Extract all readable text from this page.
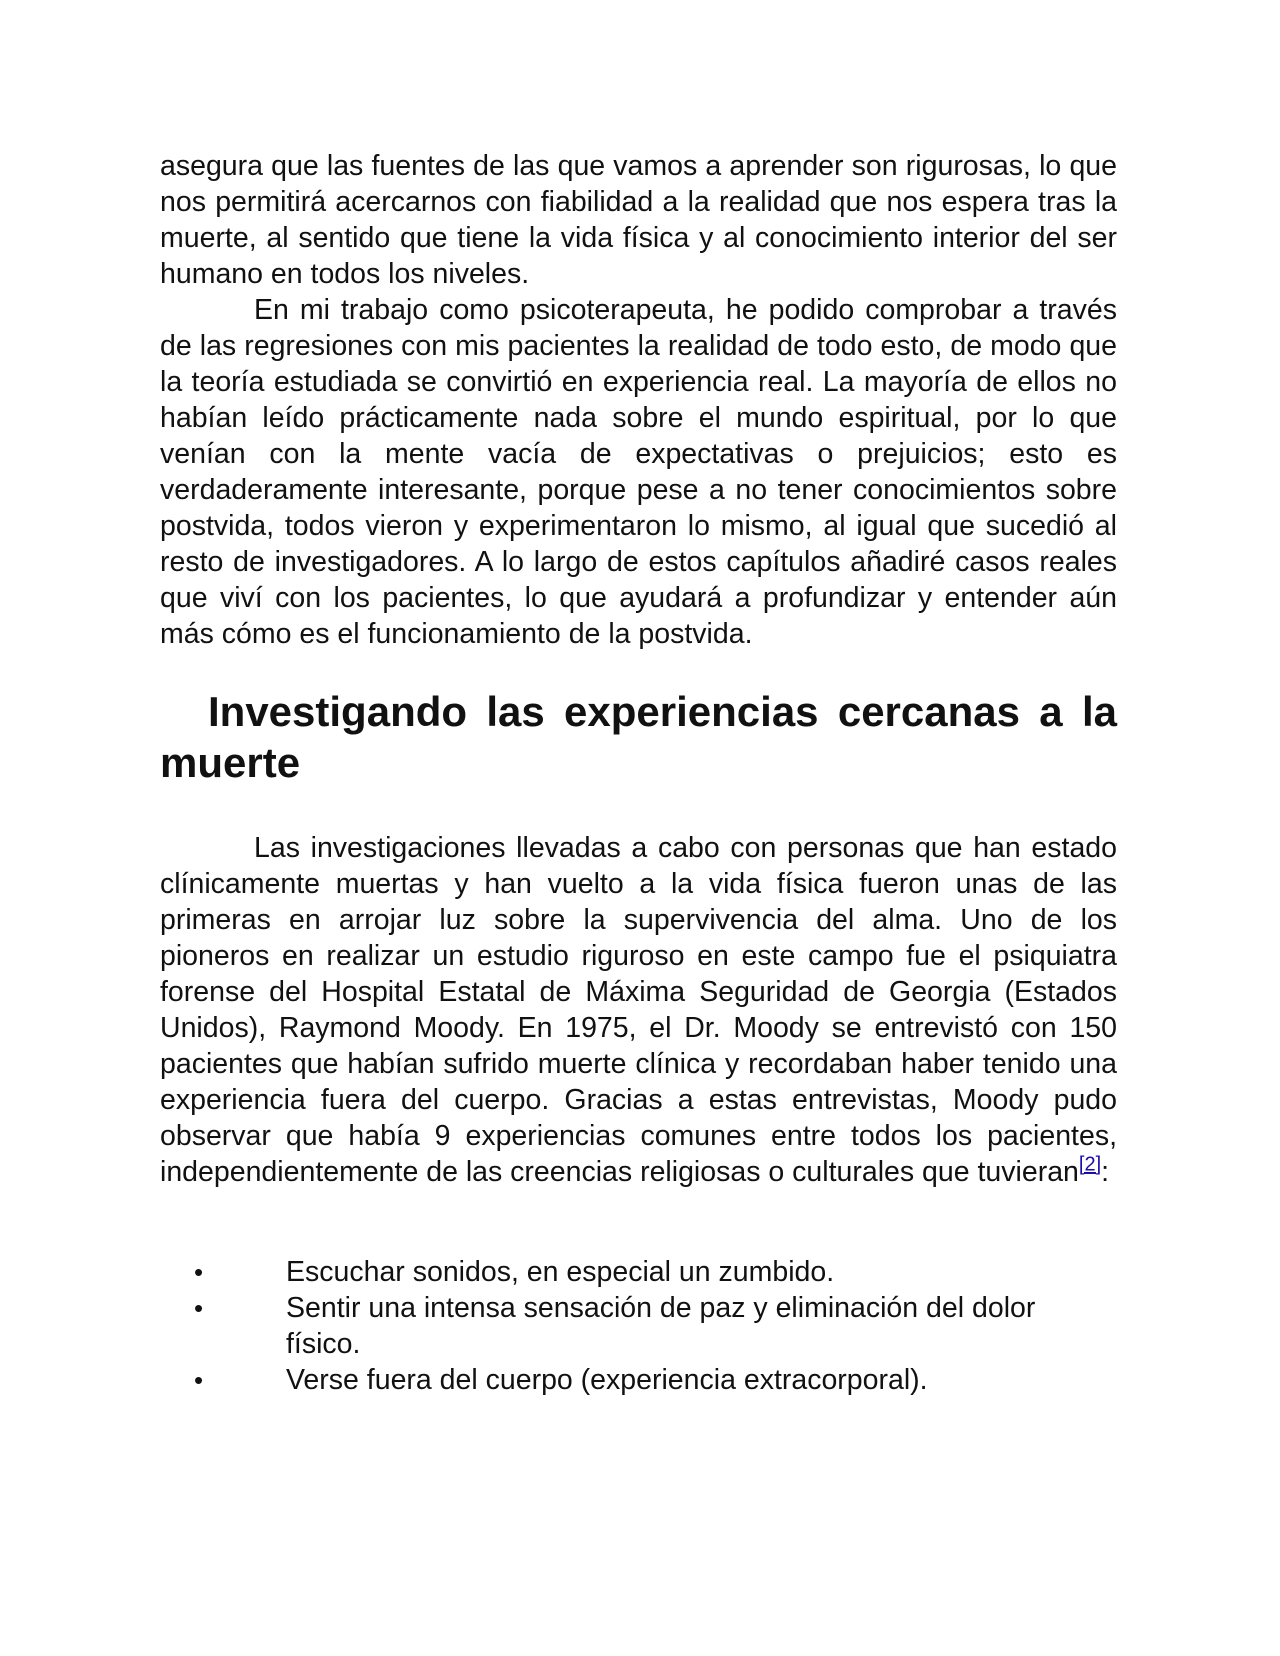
asegura que las fuentes de las que vamos a aprender son rigurosas, lo que nos permitirá acercarnos con fiabilidad a la realidad que nos espera tras la muerte, al sentido que tiene la vida física y al conocimiento interior del ser humano en todos los niveles.

En mi trabajo como psicoterapeuta, he podido comprobar a través de las regresiones con mis pacientes la realidad de todo esto, de modo que la teoría estudiada se convirtió en experiencia real. La mayoría de ellos no habían leído prácticamente nada sobre el mundo espiritual, por lo que venían con la mente vacía de expectativas o prejuicios; esto es verdaderamente interesante, porque pese a no tener conocimientos sobre postvida, todos vieron y experimentaron lo mismo, al igual que sucedió al resto de investigadores. A lo largo de estos capítulos añadiré casos reales que viví con los pacientes, lo que ayudará a profundizar y entender aún más cómo es el funcionamiento de la postvida.

Investigando las experiencias cercanas a la muerte

Las investigaciones llevadas a cabo con personas que han estado clínicamente muertas y han vuelto a la vida física fueron unas de las primeras en arrojar luz sobre la supervivencia del alma. Uno de los pioneros en realizar un estudio riguroso en este campo fue el psiquiatra forense del Hospital Estatal de Máxima Seguridad de Georgia (Estados Unidos), Raymond Moody. En 1975, el Dr. Moody se entrevistó con 150 pacientes que habían sufrido muerte clínica y recordaban haber tenido una experiencia fuera del cuerpo. Gracias a estas entrevistas, Moody pudo observar que había 9 experiencias comunes entre todos los pacientes, independientemente de las creencias religiosas o culturales que tuvieran[2]:

•	Escuchar sonidos, en especial un zumbido.
•	Sentir una intensa sensación de paz y eliminación del dolor físico.
•	Verse fuera del cuerpo (experiencia extracorporal).
